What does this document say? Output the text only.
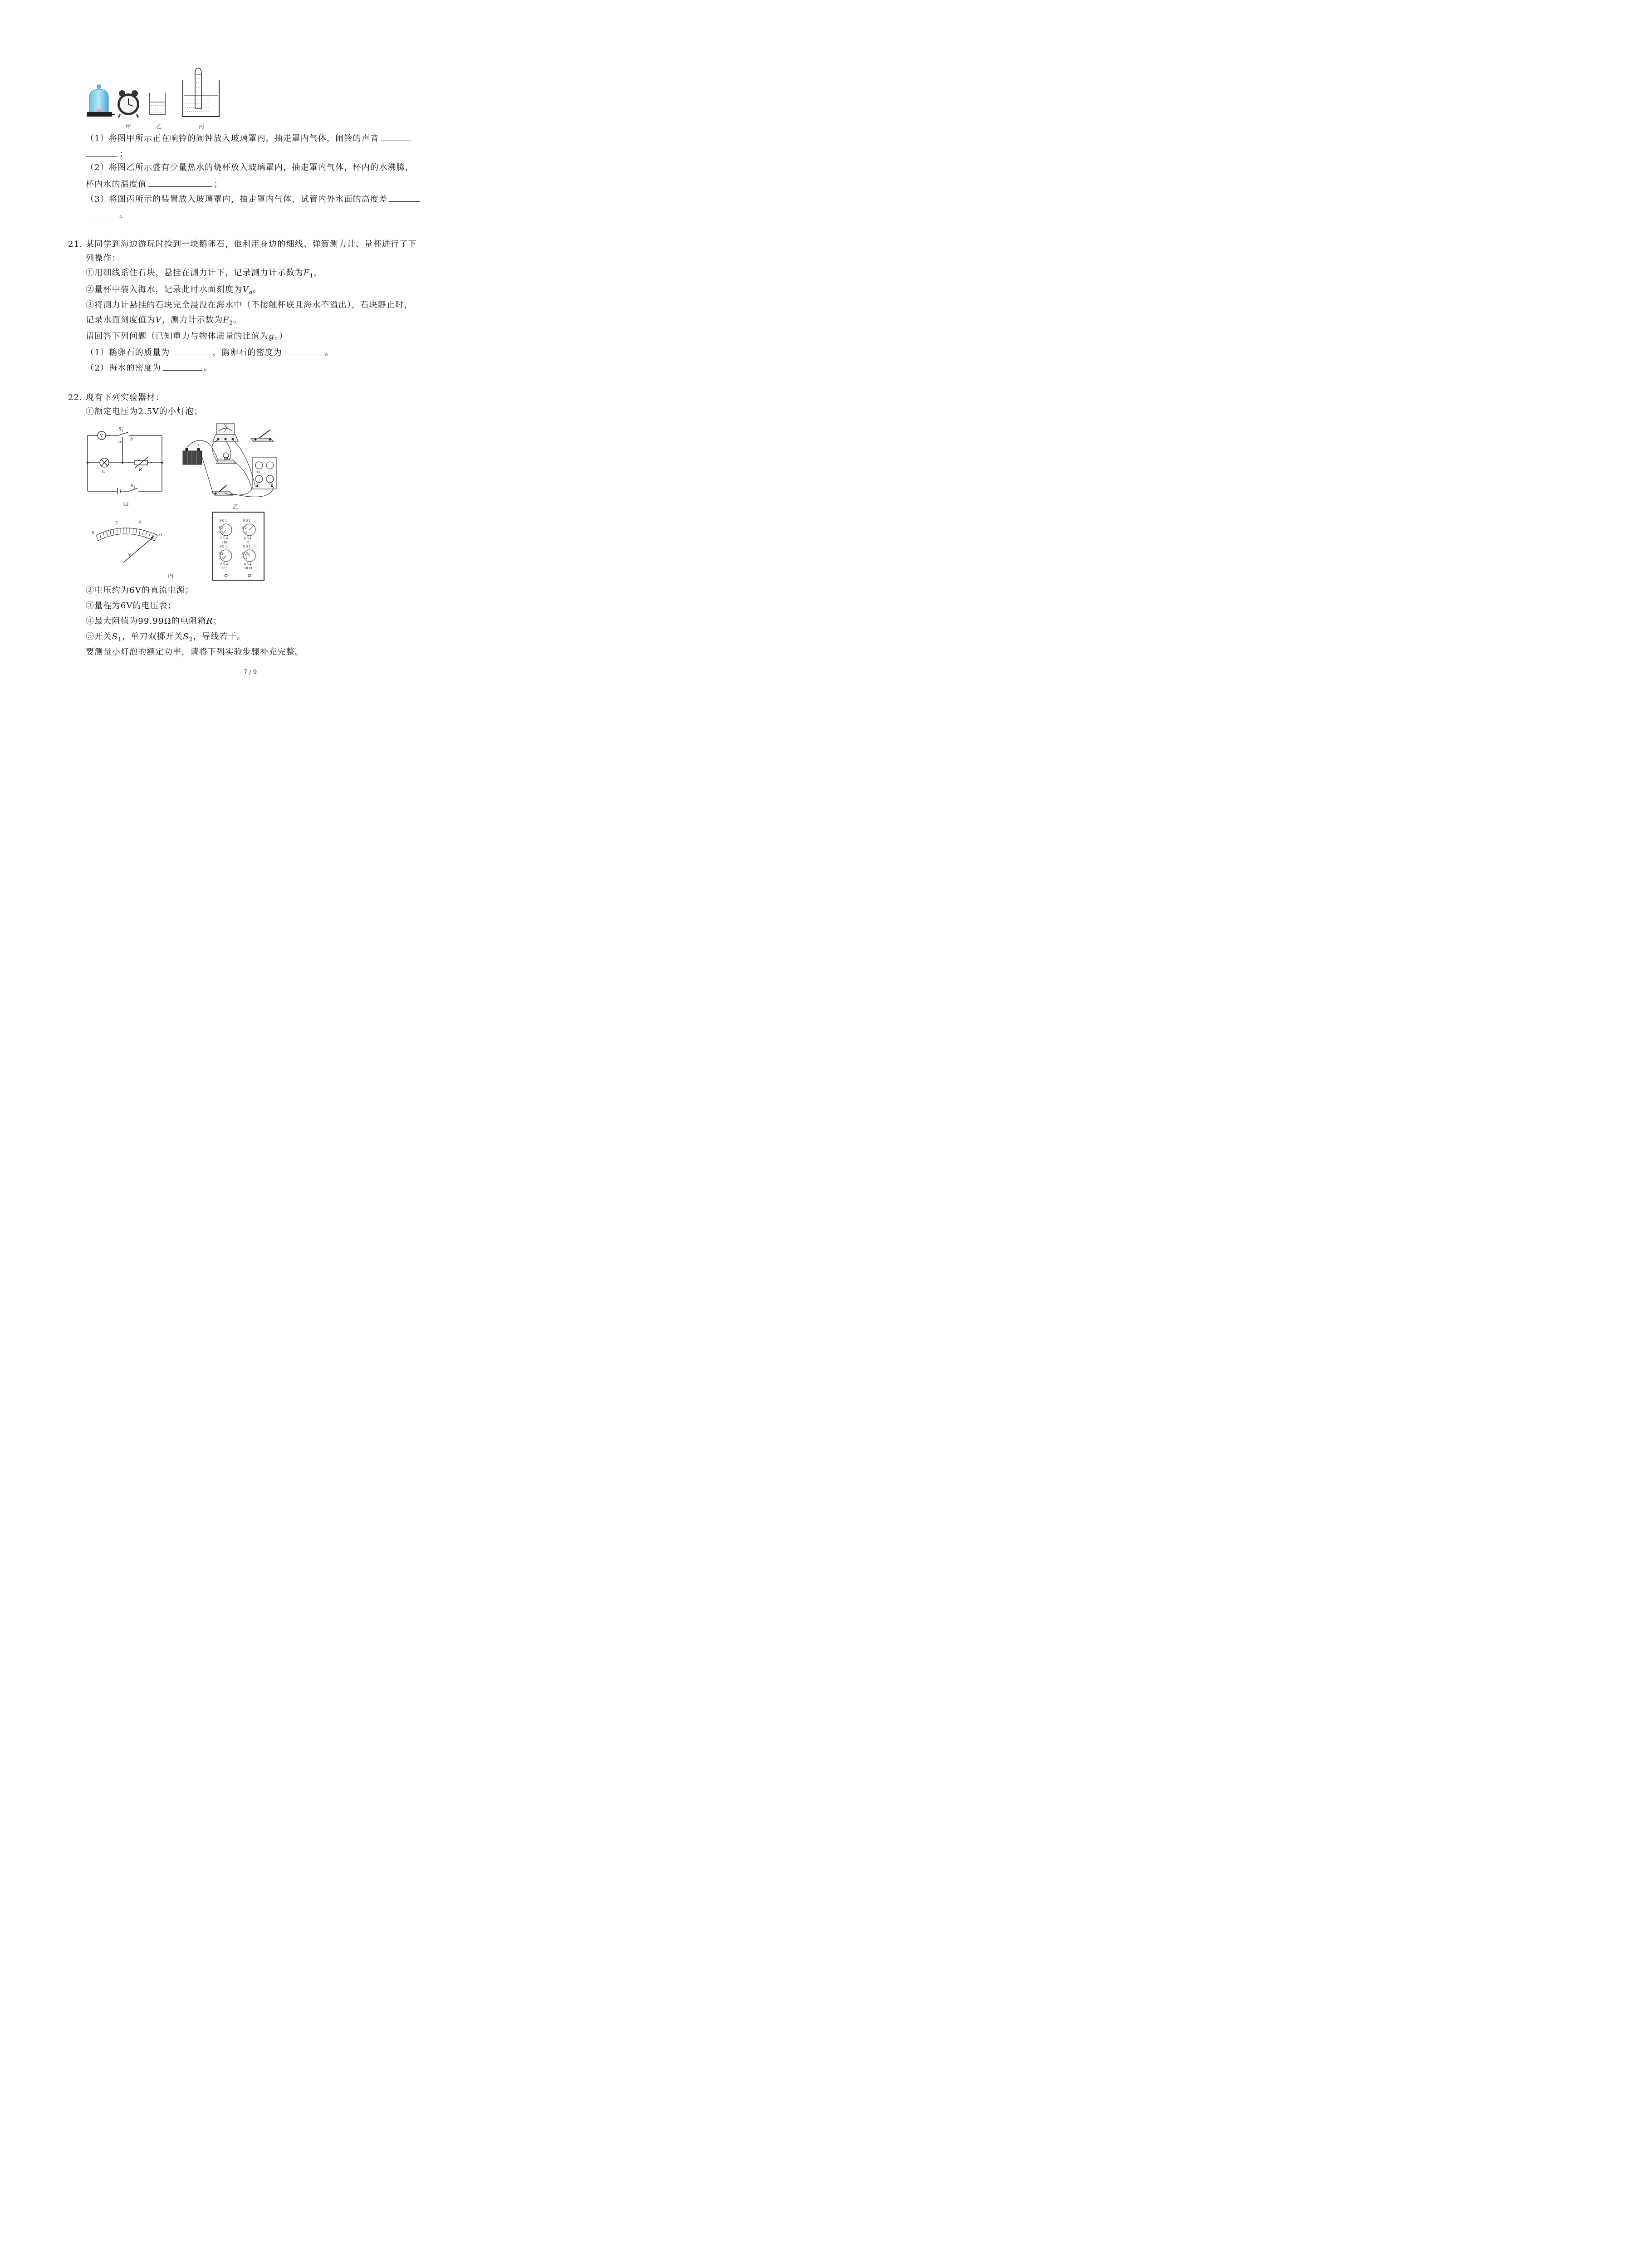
- - - - - - -
- - - - - - -
- - - - - - -
- - - - - - - - - - - -
- - - - - - - - - - - -
- - - - - - - - - - - -
- - - - - - - - - - - -
- -
- -
- -
- -
甲	乙	丙
（1）将图甲所示正在响铃的闹钟放入玻璃罩内，抽走罩内气体，闹铃的声音
；
（2）将图乙所示盛有少量热水的烧杯放入玻璃罩内，抽走罩内气体，杯内的水沸腾，
杯内水的温度值	；
（3）将图丙所示的装置放入玻璃罩内，抽走罩内气体，试管内外水面的高度差
。
21. 某同学到海边游玩时捡到一块鹅卵石，他利用身边的细线、弹簧测力计、量杯进行了下
列操作：
①用细线系住石块，悬挂在测力计下，记录测力计示数为$F_1$，
②量杯中装入海水，记录此时水面刻度为$V_a$。
③将测力计悬挂的石块完全浸没在海水中（不接触杯底且海水不溢出），石块静止时，
记录水面刻度值为V，测力计示数为$F_2$。
请回答下列问题（已知重力与物体质量的比值为g。）
（1）鹅卵石的质量为	，鹅卵石的密度为	。
（2）海水的密度为	。
22. 现有下列实验器材：
①额定电压为2.5V的小灯泡；
V
S 2
a b
L	R
S 1
甲
V
-	+
×100	×1
×0.1	×0.01
乙
0
2	4
6
V
丙
9 0 1	9 0 1
9 0 1	9 0 1
8 2	8 2
8 2	8 2
7 3	7 3
7 3	7 3
6 5 4	6 5 4
6 5 4	6 5 4
×10	×1
×0.1	×0.01
②电压约为6V的直流电源；
③量程为6V的电压表；
④最大阻值为99.99Ω的电阻箱R；
⑤开关$S_1$，单刀双掷开关$S_2$，导线若干。
要测量小灯泡的额定功率，请将下列实验步骤补充完整。
7 / 9
